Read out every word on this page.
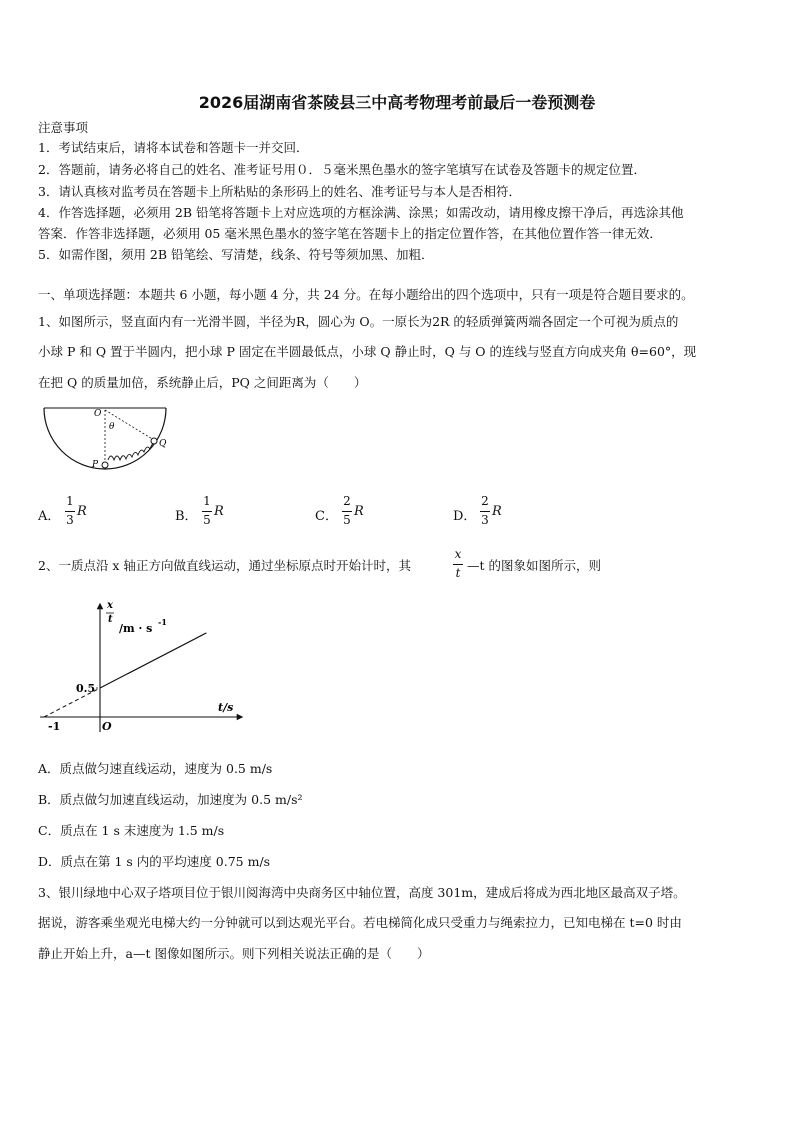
2026届湖南省茶陵县三中高考物理考前最后一卷预测卷
注意事项
1．考试结束后，请将本试卷和答题卡一并交回．
2．答题前，请务必将自己的姓名、准考证号用０．５毫米黑色墨水的签字笔填写在试卷及答题卡的规定位置．
3．请认真核对监考员在答题卡上所粘贴的条形码上的姓名、准考证号与本人是否相符．
4．作答选择题，必须用 2B 铅笔将答题卡上对应选项的方框涂满、涂黑；如需改动，请用橡皮擦干净后，再选涂其他
答案．作答非选择题，必须用 05 毫米黑色墨水的签字笔在答题卡上的指定位置作答，在其他位置作答一律无效．
5．如需作图，须用 2B 铅笔绘、写清楚，线条、符号等须加黑、加粗．
一、单项选择题：本题共 6 小题，每小题 4 分，共 24 分。在每小题给出的四个选项中，只有一项是符合题目要求的。
1、如图所示，竖直面内有一光滑半圆，半径为R，圆心为 O。一原长为2R 的轻质弹簧两端各固定一个可视为质点的
小球 P 和 Q 置于半圆内，把小球 P 固定在半圆最低点，小球 Q 静止时，Q 与 O 的连线与竖直方向成夹角 θ=60°，现
在把 Q 的质量加倍，系统静止后，PQ 之间距离为（　　）
O
θ
Q
P
A．
1
3
R	B．
1
5
R	C．
2
5
R	D．
2
3
R
2、一质点沿 x 轴正方向做直线运动，通过坐标原点时开始计时，其
x
t —t 的图象如图所示，则
x
t
/m · s -1
t/s
O
0.5
-1
A．质点做匀速直线运动，速度为 0.5 m/s
B．质点做匀加速直线运动，加速度为 0.5 m/s²
C．质点在 1 s 末速度为 1.5 m/s
D．质点在第 1 s 内的平均速度 0.75 m/s
3、银川绿地中心双子塔项目位于银川阅海湾中央商务区中轴位置，高度 301m，建成后将成为西北地区最高双子塔。
据说，游客乘坐观光电梯大约一分钟就可以到达观光平台。若电梯简化成只受重力与绳索拉力，已知电梯在 t=0 时由
静止开始上升，a—t 图像如图所示。则下列相关说法正确的是（　　）
